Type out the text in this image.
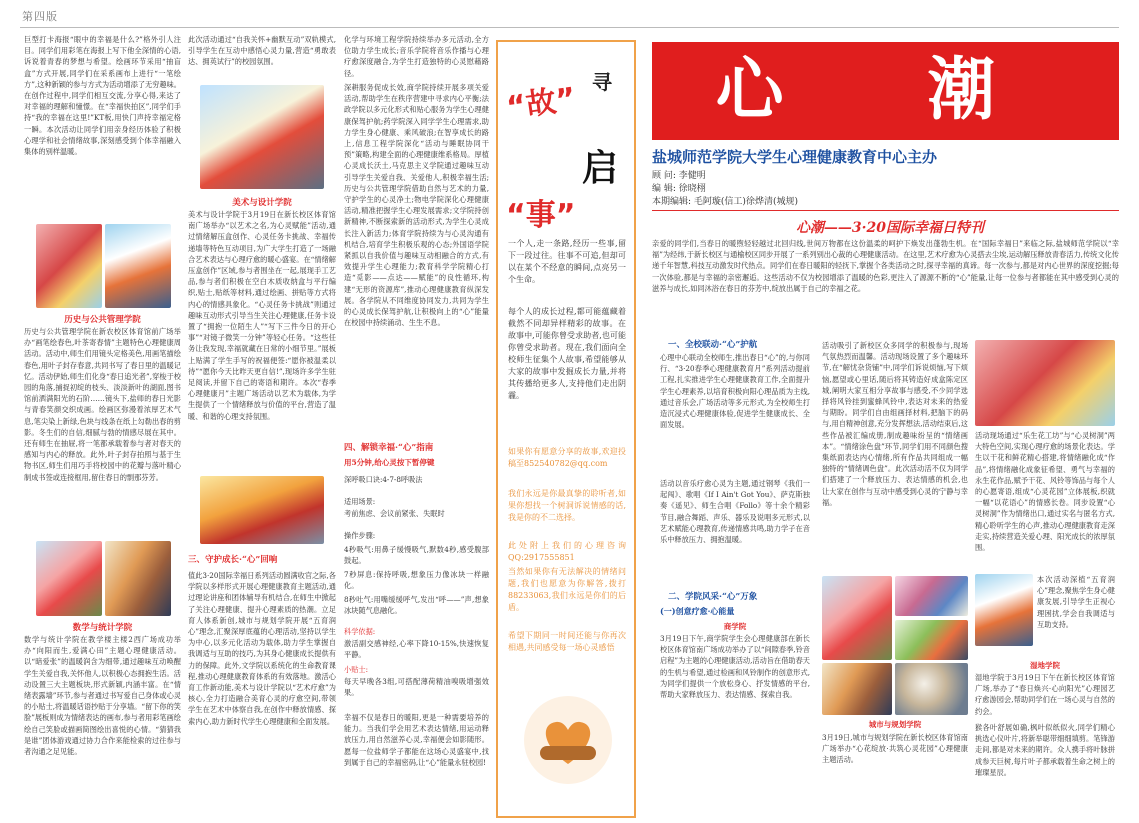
第四版
巨型打卡海报“眼中的幸福是什么?”格外引人注目。同学们用彩笔在海报上写下他全深情的心语,诉说着青春的梦想与希望。绘画环节采用“抽盲盒”方式开展,同学们在采系画布上进行“一笔绘方”,这种新颖的参与方式为活动增添了无穷趣味。在创作过程中,同学们相互交流,分享心得,来达了对幸福的理解和憧憬。在“幸福快拍区”,同学们手持“我的幸福在这里!”KT板,用快门声持幸福定格一瞬。本次活动让同学们用亲身经历体验了积极心理学和社会情绪故事,深刻感受到个体幸福融入集体的别样温暖。
历史与公共管理学院
历史与公共管理学院在新农校区体育馆前广场举办“画笔绘春色,叶茶寄春情”主题特色心理健康周活动。活动中,师生们用镜头定格美色,用画笔描绘春色,用叶子封存春意,共同书写了春日里的温暖记忆。活动伊始,师生们化身“春日追光者”,穿梭于校园的角落,捕捉初绽的枝头、淡淡新叶的湖面,图书馆前洒满阳光的石阶……镜头下,盐师的春日光影与青春笑颜交织成画。绘画区弥漫着浓厚艺术气息,笔尖染上新绿,色块与线条在纸上勾勒出春的剪影。冬生们的自信,细腻与勃的情感尽展在其中。还有师生在抽屉,将一笔都承载着参与者对春天的感知与内心的释放。此外,叶子封存拍照与基于生物书区,师生们用巧手将校园中的花瓣与落叶精心制成书签或连接框用,留住春日的剽那芬芳。
数学与统计学院
数学与统计学院在教学楼主楼2西广场成功举办“向阳而生,爱满心田”主题心理健康活动。以“暗爱张”的温暖润含为细带,通过趣味互动唤醒学生关爱自我,关怀他人,以积极心态拥抱生活。活动设置三大主题板块,形式新颖,内涵丰富。在“情绪表露墙”环节,参与者通过书写爱自己身体或心灵的小贴士,将温暖话语抄贴于分享墙。“留下你的笑脸”展板则成为情绪表达的画布,参与者用彩笔画绘绘自己笑脸或描画简图绘出喜悦的心情。“猜猜我是谁”团体游戏通过协力合作来能检索的过往参与者沟通之足见能。
此次活动通过“自我关怀+幽默互动”双轨模式,引导学生在互动中感悟心灵力量,营造“勇敢表达、拥英试行”的校园氛围。
美术与设计学院
美术与设计学院于3月19日在新长校区体育馆南广场举办“以艺术之名,为心灵赋能”活动,通过情绪解压盒创作、心灵任务卡挑战、幸福传递墙等特色互动项目,为广大学生打造了一场融合艺术表达与心理疗愈的暖心盛宴。在“情绪解压盒创作”区域,参与者围坐在一起,展现手工艺品,参与者们积极在空白木质收纳盒与平行编织,贴士,贴纸等材料,通过绘画、拼贴等方式将内心的情感具象化。“心灵任务卡挑战”则通过趣味互动形式引导当生关注心理健康,任务卡设置了“拥抱一位陌生人”“写下三件今日的开心事”“对镜子微笑一分钟”等轻心任务。“这些任务让我发现,幸福就藏在日常的小细节里。”展板上贴满了学生手写的祝福便签:“愿你被温柔以待”“愿你今天比昨天更自信!”,现场许多学生驻足阅读,并留下自己的寄语和期许。本次“春季心理健康月”主题广场活动以艺术为载体,为学生提供了一个情绪释放与价值的平台,营造了温暖、和谐的心理支持氛围。
三、守护成长·“心”回响
值此3·20国际幸福日系列活动圆满收官之际,各学院以多样形式开展心理健康教育主题活动,通过理论讲座和团体辅导有机结合,在师生中掀起了关注心理健康、提升心理素质的热潮。立足育人体系新创,城市与规划学院开展“五育润心”理念,汇聚深厚底蕴的心理活动,坚持以学生为中心,以多元化活动为载体,助力学生掌握自我调适与互助的技巧,为其身心健康成长提供有力的保障。此外,文学院以系统化的生命教育课程,推动心理健康教育体系的有效落地。激活心育工作新动能,美术与设计学院以“艺术疗愈”为核心,全力打造融合美育心灵的疗愈空间,带领学生在艺术中体察自我,在创作中释放情感、探索内心,助力新时代学生心理健康和全面发展。
化学与环境工程学院持续举办多元活动,全方位助力学生成长;音乐学院将音乐作播与心理疗愈深度融合,为学生打造独特的心灵慰藉路径。
深耕服务促成长效,商学院持续开展多项关爱活动,帮助学生在秩序营建中寻求内心平衡;法政学院以多元化形式和贴心服务为学生心理健康保驾护航;药学院深入同学学生心理需求,助力学生身心健康、乘风破浪;在智享成长的路上,信息工程学院深化“活动与睡眠协同干预”策略,构建全面的心理健康维系格局。厚植心灵成长沃土,马克思主义学院通过趣味互动引导学生关爱自我、关爱他人,积极幸福生活;历史与公共管理学院借助自然与艺术的力量,守护学生的心灵净土;物电学院深化心理健康活动,精准把握学生心理发展需求;文学院持创新精神,不断探索新的活动形式,为学生心灵成长注入新活力;体育学院持续为与心灵沟通有机结合,培育学生积极乐观的心态;外国语学院紧抓以自我价值与趣味互动相融合的方式,有效提升学生心理能力;教育科学学院精心打造“觅影——点达——赋能”的良性循环,构建“无形的资源库”,推动心理健康教育纵深发展。各学院从不同维度协同发力,共同为学生的心灵成长保驾护航,让积极向上的“心”能量在校园中持续涌动、生生不息。
四、解锁幸福·“心”指南
用5分钟,给心灵按下暂停键
深呼吸口诀:4-7-8呼吸法
适用场景:
考前焦虑、会议前紧张、失眠时
操作步骤:
4秒吸气:用鼻子缓慢吸气,默数4秒,感受腹部鼓起。
7秒屏息:保持呼吸,想象压力像冰块一样融化。
8秒吐气:用嘴缓缓呼气,发出“呼——”声,想象冰块随气息融化。
科学依据:
激活副交感神经,心率下降10-15%,快速恢复平静。
小贴士:
每天早晚各3组,可搭配薄荷精油嗅吸增强效果。
幸福不仅是春日的暖阳,更是一种需要培养的能力。当我们学会用艺术表达情绪,用运动释放压力,用自然滋养心灵,幸福便会如影随形。愿每一位盐师学子都能在这场心灵盛宴中,找到属于自己的幸福密码,让“心”能量永驻校园!
“故” 寻
启
“事”
一个人,走一条路,经历一些事,留下一段过往。往事不可追,但却可以在某个不经意的瞬间,点亮另一个生命。
每个人的成长过程,都可能蕴藏着截然不同却异样精彩的故事。在故事中,可能你曾受求助者,也可能你曾受求助者。现在,我们面向全校师生征集个人故事,希望能够从大家的故事中发掘成长力量,并将其传播给更多人,支持他们走出阴霾。
如果你有愿意分享的故事,欢迎投稿至852540782@qq.com
我们永远是你最真挚的聆听者,如果你想找一个树洞诉说情感的话,我是你的不二选择。
此处附上我们的心理咨询QQ:2917555851
当然如果你有无法解决的情绪问题,我们也愿意为你解答,拨打88233063,我们永远是你们的后盾。
希望下期同一时间还能与你再次相遇,共同感受每一场心灵感悟
心 潮
盐城师范学院大学生心理健康教育中心主办
顾 问: 李健明
编 辑: 徐晓栩
本期编辑: 毛阿璇(信工)徐烨清(城规)
心潮——3·20国际幸福日特刊
亲爱的同学们,当春日的暖煦轻轻越过北回归线,世间万物都在这份温柔的呵护下焕发出蓬勃生机。在“国际幸福日”来临之际,盐城师范学院以“幸福”为经纬,于新长校区与通榆校区同步开展了一系列别出心裁的心理健康活动。在这里,艺术疗愈为心灵搭去尘埃,运动解压释放青春活力,传统文化传递千年智慧,科技互动激发时代热点。同学们在春日暖阳的轻抚下,掌握个各类活动之时,探寻幸福的真谛。每一次参与,都是对内心世界的深度挖掘;每一次体验,都是与幸福的亲密邂逅。这些活动不仅为校园增添了温暖的色彩,更注入了源源不断的“心”能量,让每一位参与者都能在其中感受到心灵的滋养与成长,如同沐浴在春日的芬芳中,绽放出属于自己的幸福之花。
一、全校联动·“心”护航
心理中心联动全校师生,推出春日“心”的,与你同行、“3·20春季心理健康教育月”系列活动提前工程,扎实推进学生心理健康教育工作,全面提升学生心理素养,以培育积极向阳心理品质为主线,通过音乐会,广场活动等多元形式,为全校师生打造沉浸式心理健康体验,促进学生健康成长、全面发展。
活动以音乐疗愈心灵为主题,通过钢琴《我们一起闯》、歌唱《If I Ain't Got You》、萨克斯独奏《遥见》、师生合唱《Follo》等十余个精彩节目,融合舞蹈、声乐、器乐及说唱多元形式,以艺术赋能心理教育,传递情感共鸣,助力学子在音乐中释放压力、拥抱温暖。
活动吸引了新校区众多同学的积极参与,现场气氛热烈而温馨。活动现场设置了多个趣味环节,在“解忧杂货铺”中,同学们诉说烦恼,写下烦恼,愿望或心里话,随后将其铸造好成盒陈定区城,阐明大家互相分享故事与感受,不少同学选择将风铃挂到蜜蜂风铃中,表达对未来的热爱与期盼。同学们自由组画择材料,把脑下的码与,用自精神创意,充分发挥想法,活动结束后,这些作品被汇编成册,制成趣味纷呈的“情绪画本”。“情绪涂色盘”环节,同学们用不同颜色搜集纸面表达内心情绪,所有作品共同组成一幅独特的“情绪调色盘”。此次活动活不仅为同学们搭建了一个释放压力、表达情感的机会,也让大家在创作与互动中感受到心灵的宁静与幸福。
活动现场通过“乐生花工坊”与“心灵树洞”两大特色空间,实现心理疗愈的场景化表达。学生以干花和鲜花精心搭建,将情绪融化成“作品”,将情绪融化成象征希望、勇气与幸福的永生花作品,赋予干花、风铃等饰品与每个人的心愿寄语,组成“心灵花园”立体展板,织就一幅“以花语心”的情感长卷。同步设置“心灵树洞”作为情绪出口,通过实名与匿名方式,精心聆听学生的心声,推动心理健康教育走深走实,持续营造关爱心理、阳光成长的浓厚氛围。
本次活动深植“五育润心”理念,聚焦学生身心健康发展,引导学生正视心理困扰,学会自我调适与互助支持。
二、学院风采·“心”万象
(一)创意疗愈·心能量
商学院
3月19日下午,商学院学生会心理健康部在新长校区体育馆南广场成功举办了以“间隙春季,铃音启程”为主题的心理健康活动,活动旨在借助春天的生机与希望,通过检画和风铃制作的创意形式,为同学们提供一个放松身心、抒发情感的平台,帮助大家释放压力、表达情感、探索自我。
城市与规划学院
3月19日,城市与规划学院在新长校区体育馆南广场举办“心花绽放·共筑心灵花园”心理健康主题活动。
湿地学院
湿地学院于3月19日下午在新长校区体育馆广场,举办了“春日焕兴·心向阳光”心理园艺疗愈游园会,帮助同学们在一场心灵与自然的约会。
猴各叶舒展如确,枫叶似纸似火,同学们精心挑选心仪叶片,将新举聪带细细填剪。笔锋游走间,都是对未来的期许。众人携手将叶脉拼成参天巨树,每片叶子都承载着生命之树上的璀璨星辰。
